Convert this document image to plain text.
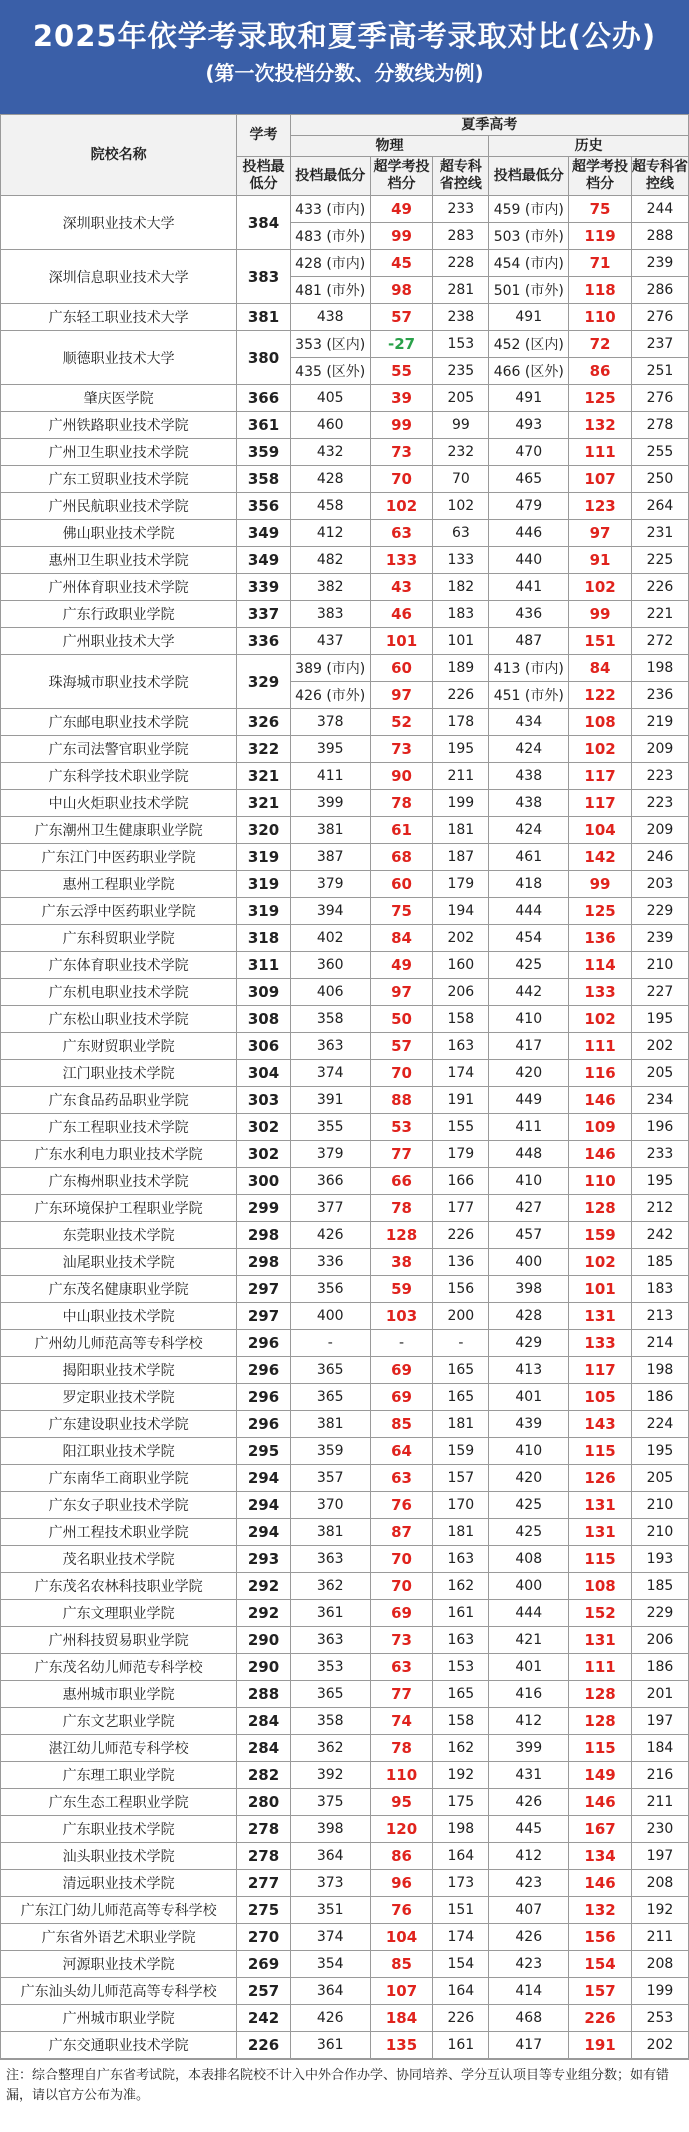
2025年依学考录取和夏季高考录取对比(公办)
(第一次投档分数、分数线为例)
院校名称	学考	夏季高考					
		物理			历史		
	投档最低分	投档最低分	超学考投档分	超专科省控线	投档最低分	超学考投档分	超专科省控线
深圳职业技术大学	384	433 (市内)	49	233	459 (市内)	75	244
		483 (市外)	99	283	503 (市外)	119	288
深圳信息职业技术大学	383	428 (市内)	45	228	454 (市内)	71	239
		481 (市外)	98	281	501 (市外)	118	286
广东轻工职业技术大学	381	438	57	238	491	110	276
顺德职业技术大学	380	353 (区内)	-27	153	452 (区内)	72	237
		435 (区外)	55	235	466 (区外)	86	251
肇庆医学院	366	405	39	205	491	125	276
广州铁路职业技术学院	361	460	99	99	493	132	278
广州卫生职业技术学院	359	432	73	232	470	111	255
广东工贸职业技术学院	358	428	70	70	465	107	250
广州民航职业技术学院	356	458	102	102	479	123	264
佛山职业技术学院	349	412	63	63	446	97	231
惠州卫生职业技术学院	349	482	133	133	440	91	225
广州体育职业技术学院	339	382	43	182	441	102	226
广东行政职业学院	337	383	46	183	436	99	221
广州职业技术大学	336	437	101	101	487	151	272
珠海城市职业技术学院	329	389 (市内)	60	189	413 (市内)	84	198
		426 (市外)	97	226	451 (市外)	122	236
广东邮电职业技术学院	326	378	52	178	434	108	219
广东司法警官职业学院	322	395	73	195	424	102	209
广东科学技术职业学院	321	411	90	211	438	117	223
中山火炬职业技术学院	321	399	78	199	438	117	223
广东潮州卫生健康职业学院	320	381	61	181	424	104	209
广东江门中医药职业学院	319	387	68	187	461	142	246
惠州工程职业学院	319	379	60	179	418	99	203
广东云浮中医药职业学院	319	394	75	194	444	125	229
广东科贸职业学院	318	402	84	202	454	136	239
广东体育职业技术学院	311	360	49	160	425	114	210
广东机电职业技术学院	309	406	97	206	442	133	227
广东松山职业技术学院	308	358	50	158	410	102	195
广东财贸职业学院	306	363	57	163	417	111	202
江门职业技术学院	304	374	70	174	420	116	205
广东食品药品职业学院	303	391	88	191	449	146	234
广东工程职业技术学院	302	355	53	155	411	109	196
广东水利电力职业技术学院	302	379	77	179	448	146	233
广东梅州职业技术学院	300	366	66	166	410	110	195
广东环境保护工程职业学院	299	377	78	177	427	128	212
东莞职业技术学院	298	426	128	226	457	159	242
汕尾职业技术学院	298	336	38	136	400	102	185
广东茂名健康职业学院	297	356	59	156	398	101	183
中山职业技术学院	297	400	103	200	428	131	213
广州幼儿师范高等专科学校	296	-	-	-	429	133	214
揭阳职业技术学院	296	365	69	165	413	117	198
罗定职业技术学院	296	365	69	165	401	105	186
广东建设职业技术学院	296	381	85	181	439	143	224
阳江职业技术学院	295	359	64	159	410	115	195
广东南华工商职业学院	294	357	63	157	420	126	205
广东女子职业技术学院	294	370	76	170	425	131	210
广州工程技术职业学院	294	381	87	181	425	131	210
茂名职业技术学院	293	363	70	163	408	115	193
广东茂名农林科技职业学院	292	362	70	162	400	108	185
广东文理职业学院	292	361	69	161	444	152	229
广州科技贸易职业学院	290	363	73	163	421	131	206
广东茂名幼儿师范专科学校	290	353	63	153	401	111	186
惠州城市职业学院	288	365	77	165	416	128	201
广东文艺职业学院	284	358	74	158	412	128	197
湛江幼儿师范专科学校	284	362	78	162	399	115	184
广东理工职业学院	282	392	110	192	431	149	216
广东生态工程职业学院	280	375	95	175	426	146	211
广东职业技术学院	278	398	120	198	445	167	230
汕头职业技术学院	278	364	86	164	412	134	197
清远职业技术学院	277	373	96	173	423	146	208
广东江门幼儿师范高等专科学校	275	351	76	151	407	132	192
广东省外语艺术职业学院	270	374	104	174	426	156	211
河源职业技术学院	269	354	85	154	423	154	208
广东汕头幼儿师范高等专科学校	257	364	107	164	414	157	199
广州城市职业学院	242	426	184	226	468	226	253
广东交通职业技术学院	226	361	135	161	417	191	202
注：综合整理自广东省考试院，本表排名院校不计入中外合作办学、协同培养、学分互认项目等专业组分数；如有错漏，请以官方公布为准。
